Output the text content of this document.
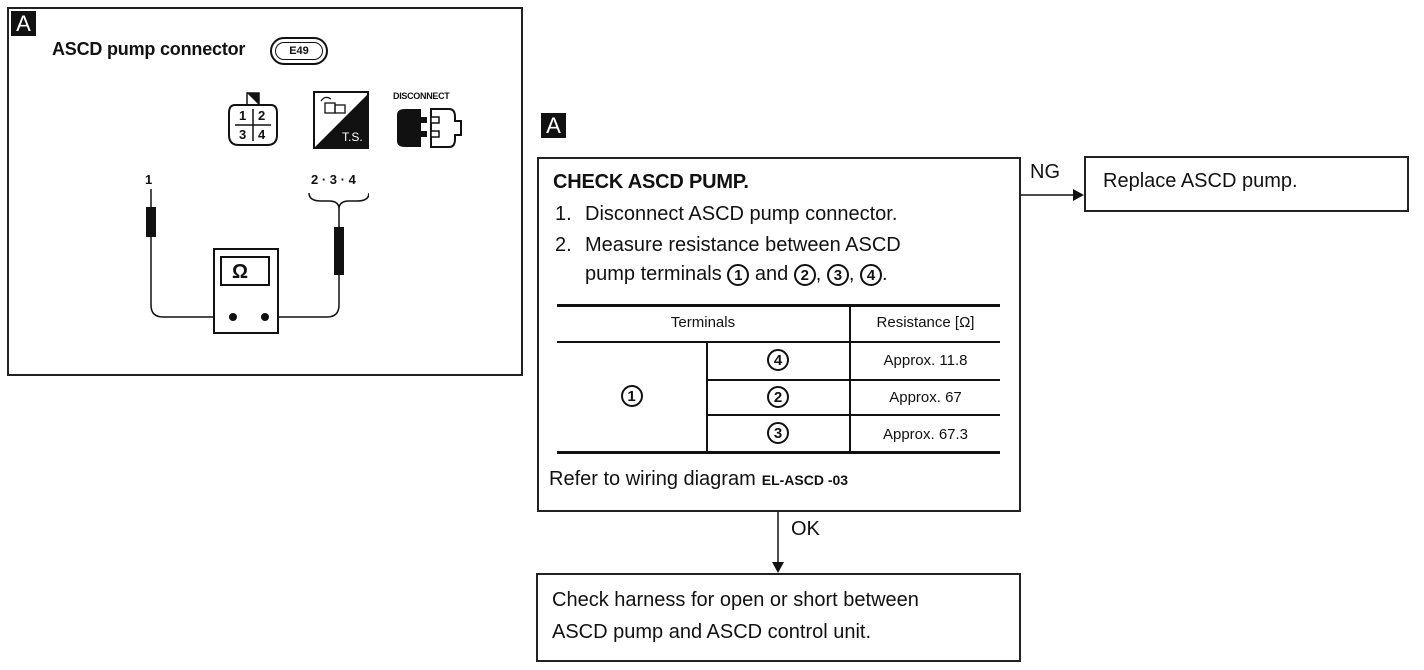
A
ASCD pump connector	E49
1 2
3 4	T.S.
DISCONNECT
1	2 · 3 · 4
Ω
A
CHECK ASCD PUMP.
1. Disconnect ASCD pump connector.
2. Measure resistance between ASCD
pump terminals 1 and 2 , 3 , 4 .
Terminals	Resistance [Ω]
1
4	Approx. 11.8
2	Approx. 67
3	Approx. 67.3
Refer to wiring diagram EL-ASCD -03
NG Replace ASCD pump.
OK
Check harness for open or short between
ASCD pump and ASCD control unit.
